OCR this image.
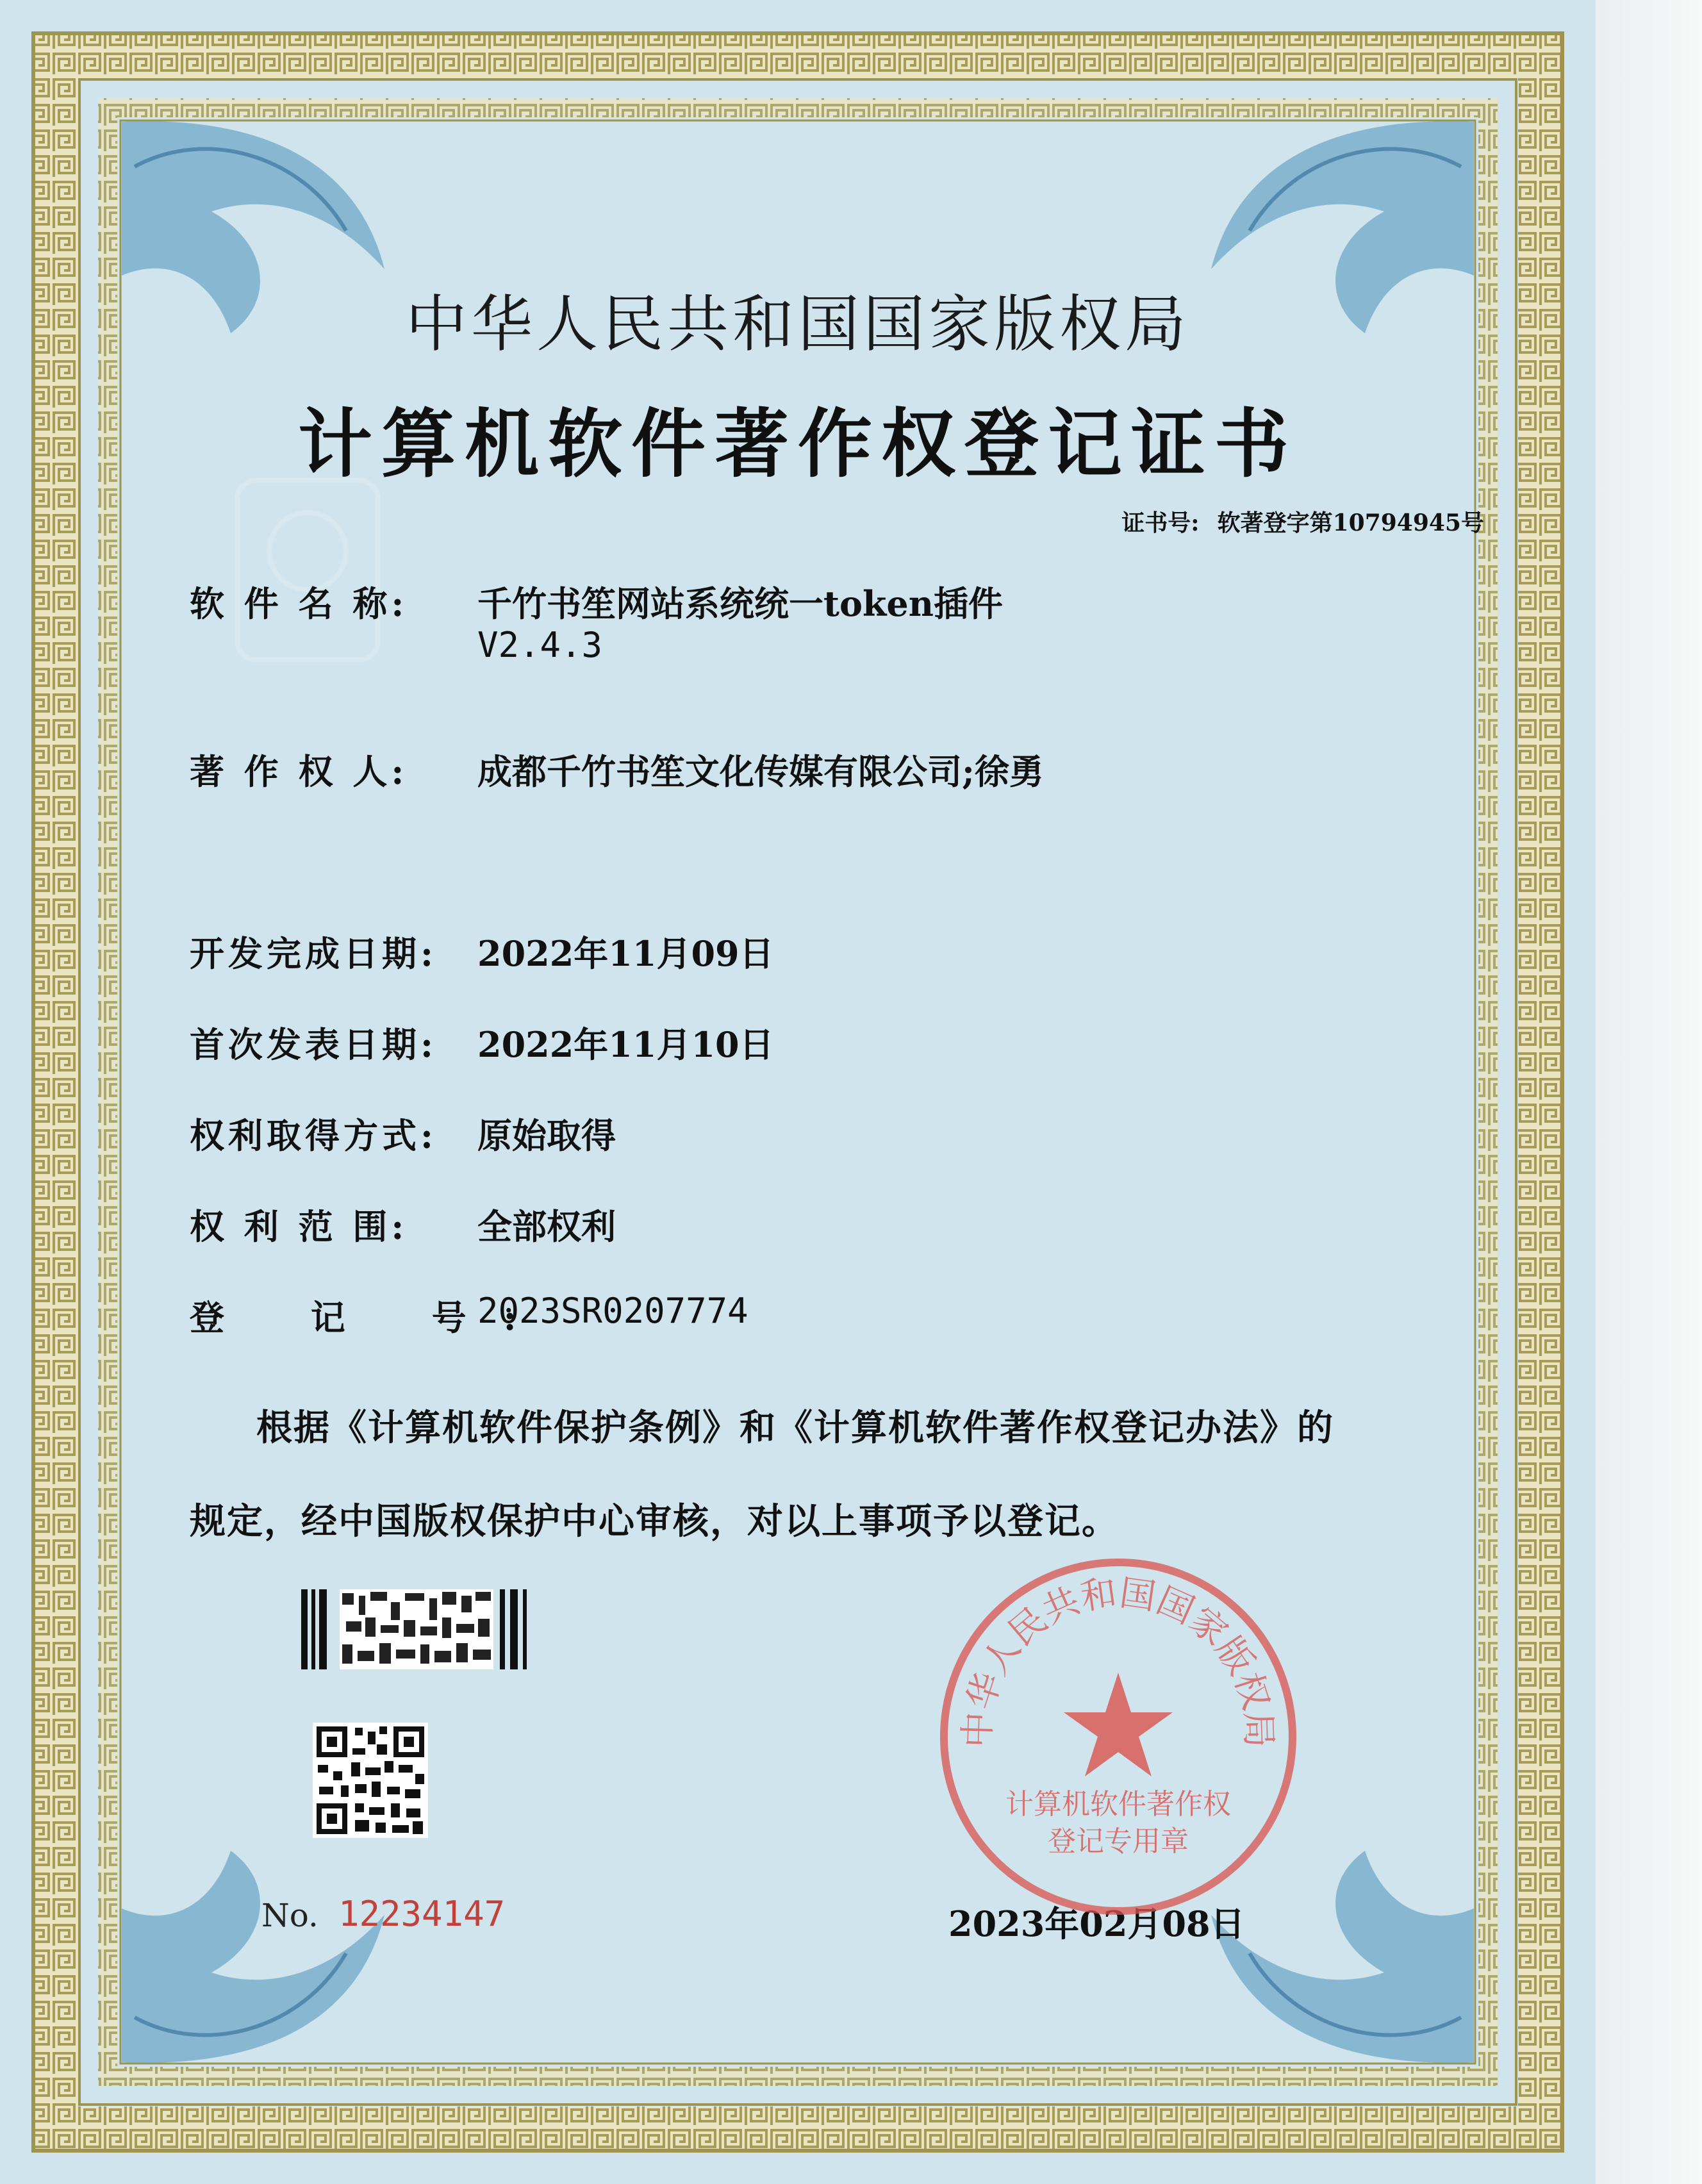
中华人民共和国国家版权局
计算机软件著作权登记证书
证书号: 软著登字第10794945号
软 件 名 称: 千竹书笙网站系统统一token插件
V2.4.3
著 作 权 人: 成都千竹书笙文化传媒有限公司;徐勇
开发完成日期: 2022年11月09日
首次发表日期: 2022年11月10日
权利取得方式: 原始取得
权 利 范 围: 全部权利
登 记 号:
2023SR0207774
根据《计算机软件保护条例》和《计算机软件著作权登记办法》的
规定，经中国版权保护中心审核，对以上事项予以登记。
No. 12234147	2023年02月08日
中华人民共和国国家版权局
计算机软件著作权
登记专用章
